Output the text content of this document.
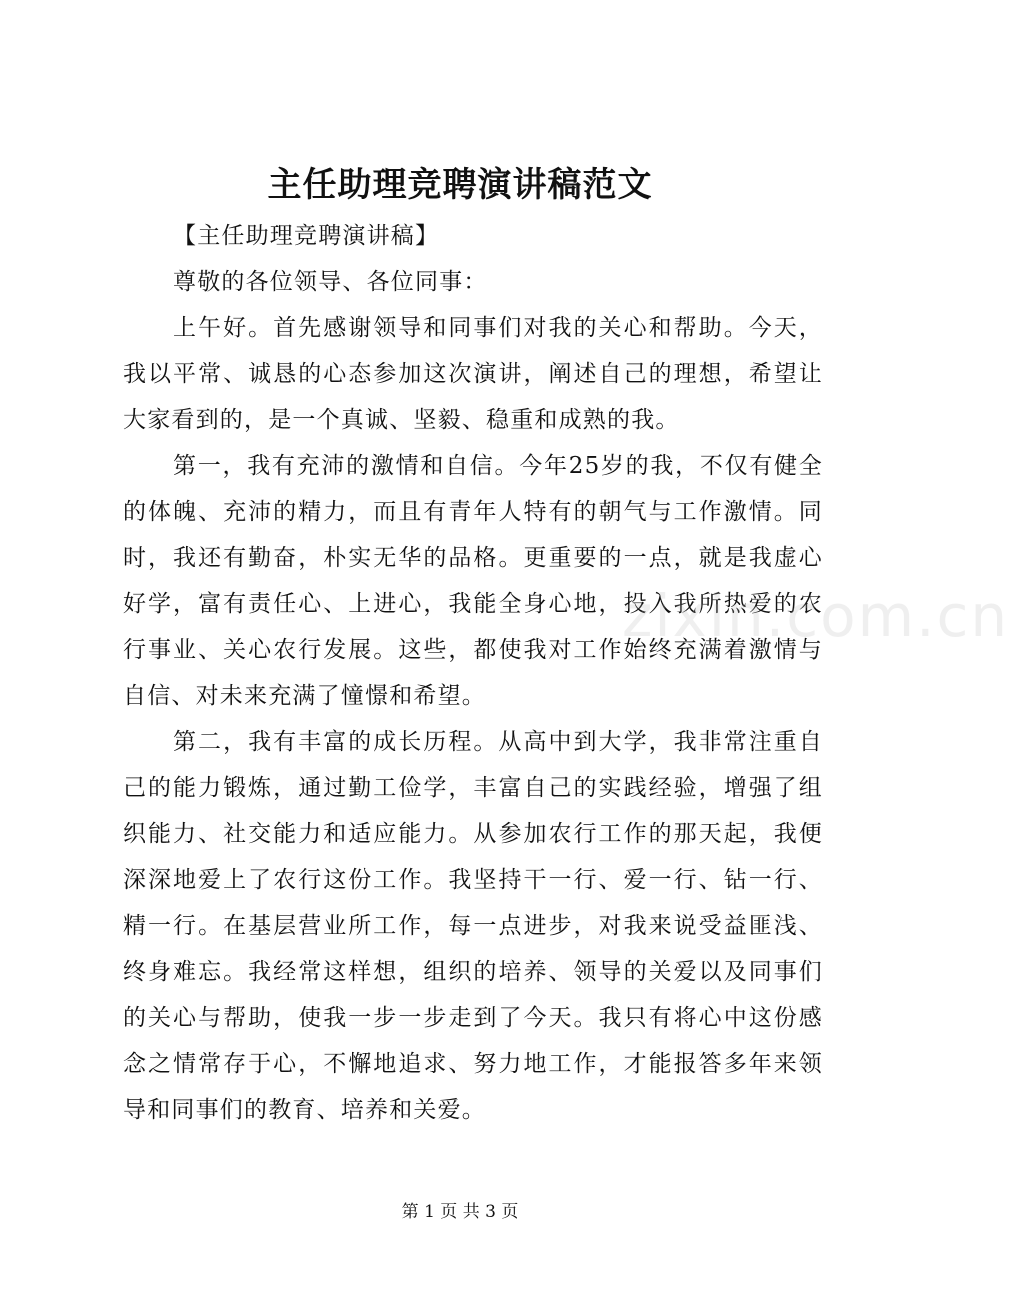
主任助理竞聘演讲稿范文

【主任助理竞聘演讲稿】

尊敬的各位领导、各位同事：

上午好。首先感谢领导和同事们对我的关心和帮助。今天，我以平常、诚恳的心态参加这次演讲，阐述自己的理想，希望让大家看到的，是一个真诚、坚毅、稳重和成熟的我。

第一，我有充沛的激情和自信。今年25岁的我，不仅有健全的体魄、充沛的精力，而且有青年人特有的朝气与工作激情。同时，我还有勤奋，朴实无华的品格。更重要的一点，就是我虚心好学，富有责任心、上进心，我能全身心地，投入我所热爱的农行事业、关心农行发展。这些，都使我对工作始终充满着激情与自信、对未来充满了憧憬和希望。

第二，我有丰富的成长历程。从高中到大学，我非常注重自己的能力锻炼，通过勤工俭学，丰富自己的实践经验，增强了组织能力、社交能力和适应能力。从参加农行工作的那天起，我便深深地爱上了农行这份工作。我坚持干一行、爱一行、钻一行、精一行。在基层营业所工作，每一点进步，对我来说受益匪浅、终身难忘。我经常这样想，组织的培养、领导的关爱以及同事们的关心与帮助，使我一步一步走到了今天。我只有将心中这份感念之情常存于心，不懈地追求、努力地工作，才能报答多年来领导和同事们的教育、培养和关爱。

zixin.com.cn
第 1 页 共 3 页
